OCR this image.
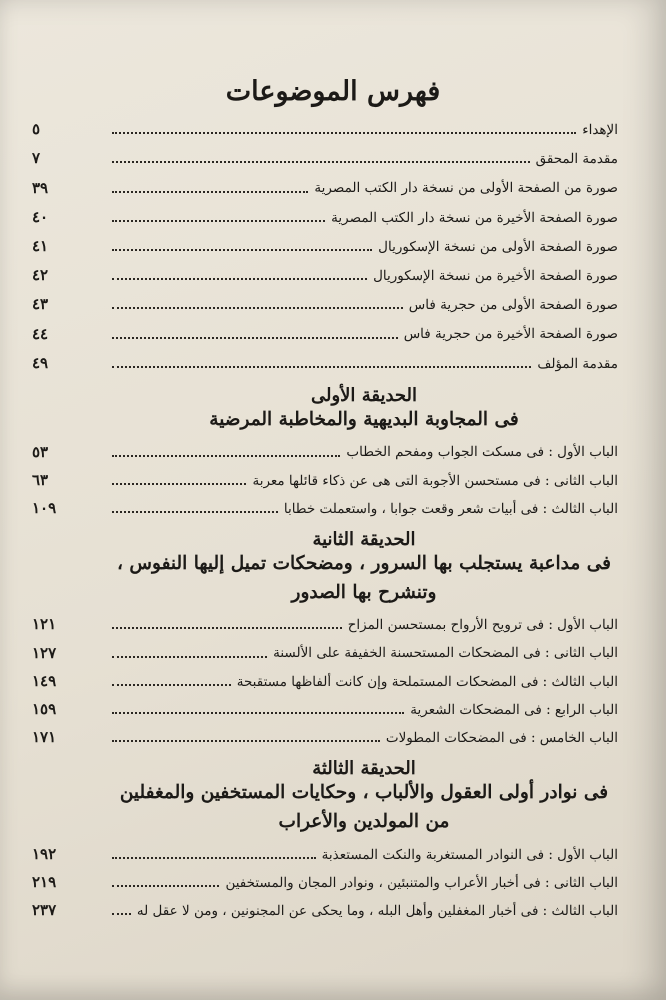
فهرس الموضوعات
الإهداء
٥
مقدمة المحقق
٧
صورة من الصفحة الأولى من نسخة دار الكتب المصرية
٣٩
صورة الصفحة الأخيرة من نسخة دار الكتب المصرية
٤٠
صورة الصفحة الأولى من نسخة الإسكوريال
٤١
صورة الصفحة الأخيرة من نسخة الإسكوريال
٤٢
صورة الصفحة الأولى من حجرية فاس
٤٣
صورة الصفحة الأخيرة من حجرية فاس
٤٤
مقدمة المؤلف
٤٩
الحديقة الأولى
فى المجاوبة البديهية والمخاطبة المرضية
الباب الأول : فى مسكت الجواب ومفحم الخطاب
٥٣
الباب الثانى : فى مستحسن الأجوبة التى هى عن ذكاء قائلها معربة
٦٣
الباب الثالث : فى أبيات شعر وقعت جوابا ، واستعملت خطابا
١٠٩
الحديقة الثانية
فى مداعبة يستجلب بها السرور ، ومضحكات تميل إليها النفوس ، وتنشرح بها الصدور
الباب الأول : فى ترويح الأرواح بمستحسن المزاح
١٢١
الباب الثانى : فى المضحكات المستحسنة الخفيفة على الألسنة
١٢٧
الباب الثالث : فى المضحكات المستملحة وإن كانت ألفاظها مستقبحة
١٤٩
الباب الرابع : فى المضحكات الشعرية
١٥٩
الباب الخامس : فى المضحكات المطولات
١٧١
الحديقة الثالثة
فى نوادر أولى العقول والألباب ، وحكايات المستخفين والمغفلين من المولدين والأعراب
الباب الأول : فى النوادر المستغربة والنكت المستعذبة
١٩٢
الباب الثانى : فى أخبار الأعراب والمتنبئين ، ونوادر المجان والمستخفين
٢١٩
الباب الثالث : فى أخبار المغفلين وأهل البله ، وما يحكى عن المجنونين ، ومن لا عقل له
٢٣٧
